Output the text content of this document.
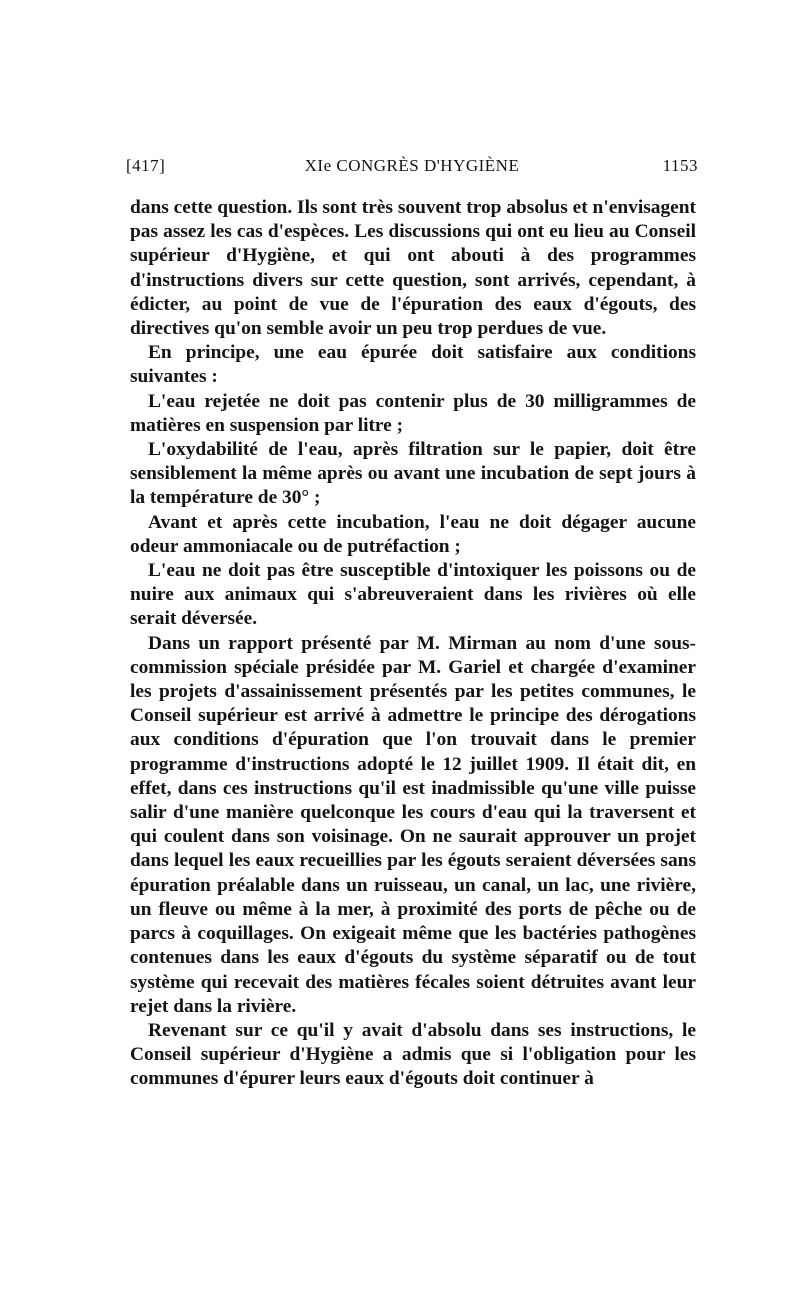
[417]	XIe CONGRÈS D'HYGIÈNE	1153

dans cette question. Ils sont très souvent trop absolus et n'envisagent pas assez les cas d'espèces. Les discussions qui ont eu lieu au Conseil supérieur d'Hygiène, et qui ont abouti à des programmes d'instructions divers sur cette question, sont arrivés, cependant, à édicter, au point de vue de l'épuration des eaux d'égouts, des directives qu'on semble avoir un peu trop perdues de vue.

En principe, une eau épurée doit satisfaire aux conditions suivantes :

L'eau rejetée ne doit pas contenir plus de 30 milligrammes de matières en suspension par litre ;

L'oxydabilité de l'eau, après filtration sur le papier, doit être sensiblement la même après ou avant une incubation de sept jours à la température de 30° ;

Avant et après cette incubation, l'eau ne doit dégager aucune odeur ammoniacale ou de putréfaction ;

L'eau ne doit pas être susceptible d'intoxiquer les poissons ou de nuire aux animaux qui s'abreuveraient dans les rivières où elle serait déversée.

Dans un rapport présenté par M. Mirman au nom d'une sous-commission spéciale présidée par M. Gariel et chargée d'examiner les projets d'assainissement présentés par les petites communes, le Conseil supérieur est arrivé à admettre le principe des dérogations aux conditions d'épuration que l'on trouvait dans le premier programme d'instructions adopté le 12 juillet 1909. Il était dit, en effet, dans ces instructions qu'il est inadmissible qu'une ville puisse salir d'une manière quelconque les cours d'eau qui la traversent et qui coulent dans son voisinage. On ne saurait approuver un projet dans lequel les eaux recueillies par les égouts seraient déversées sans épuration préalable dans un ruisseau, un canal, un lac, une rivière, un fleuve ou même à la mer, à proximité des ports de pêche ou de parcs à coquillages. On exigeait même que les bactéries pathogènes contenues dans les eaux d'égouts du système séparatif ou de tout système qui recevait des matières fécales soient détruites avant leur rejet dans la rivière.

Revenant sur ce qu'il y avait d'absolu dans ses instructions, le Conseil supérieur d'Hygiène a admis que si l'obligation pour les communes d'épurer leurs eaux d'égouts doit continuer à
